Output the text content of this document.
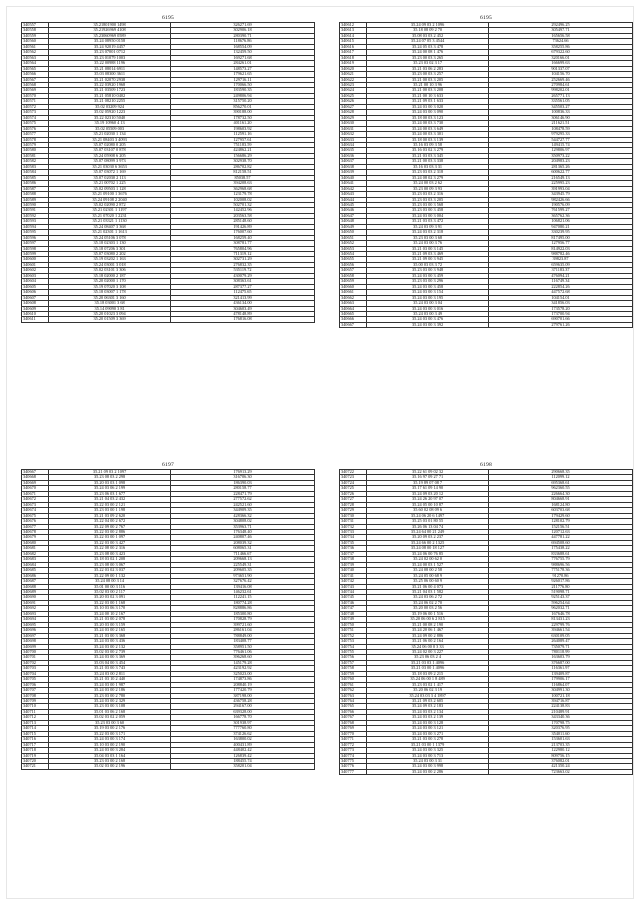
6195
340557	35.21801900 1498	326271.69
340558	35.21926969 4108	302906.18
340559	35.23060969 0589	280390.71
340560	35.24 08950 0158	118676.86
340561	35.24 92019 4457	168554.09
340562	35.23 07001 0712	132459.50
340563	35.23 01079 1003	169271.68
340564	35.22 00988 1196	284261.01
340565	35.21 08014 6911	148573.27
340566	35.03 08300 3611	179621.65
340567	35.21 02070 2938	129716.11
340568	35.22 03920 1968	170066.50
340569	35.21 03509 1723	183590.35
340570	35.21 05810 0402	249806.94
340571	35.21 08210 2255	315750.20
340572	35.02 03209 924	856270.01
340573	35.02 05920 1223	390188.00
340574	35.22 02310 5040	178732.50
340575	35.19 10960 4 13	401161.20
340576	35.02 05509 003	198603.92
340577	35.21 02030 1 134	112591.16
340578	35.21 08403 3 4093	127957.61
340579	35.07 02080 0 205	751183.59
340580	35.07 03107 0 878	424862.21
340581	35.24 05908 6 205	156686.29
340582	35.07 08099 3 973	302938.70
340583	35.21 03030 6 3653	286702.82
340584	35.07 03072 1 169	812158.51
340585	35.07 02030 2 113	85038.57
340586	35.21 00702 1 225	394208.63
340587	35.02 09503 1 128	362968.68
340588	35.21 09100 1 3676	123179.78
340589	35.24 09108 2 2040	102008.02
340590	35.02 02090 2 872	502701.32
340591	35.21 02301 1 1197	142452.96
340592	35.21 07020 1 2231	203563.58
340593	35.21 03321 1 1130	285148.60
340594	35.24 08407 3 368	191426.89
340595	35.21 02301 1 1613	176007.60
340596	35.24 05106 3 078	168259.40
340597	35.18 02303 1 130	308781.77
340598	35.18 07206 3 301	765804.96
340599	35.07 03080 2 202	711319.12
340600	35.19 03202 1 163	302731.29
340601	35.24 03001 3 018	276832.35
340602	35.02 03101 3 306	535119.72
340603	35.18 02000 2 187	430079.29
340604	35.20 02000 1 170	308363.61
340605	35.19 07020 3 108	287377.27
340606	35.18 03007 1 178	112475.65
340607	35.20 06301 3 160	321413.99
340608	35.18 03001 3 68	436134.00
340609	35.14 09090 3 81	304603.49
340610	35.20 01023 3 094	478148.89
340611	35.20 01509 3 369	176816.08
6195
340612	35.24 09 03 2 1096	292496.25
340613	35.18 08 09 2 70	305497.71
340614	35.08 03 03 2 452	165656.58
340615	35.24 07 05 3 4544	73624.66
340616	35.24 05 03 3 478	358255.86
340617	35.24 00 08 1 476	679322.60
340618	35.23 00 03 3 265	320166.01
340619	35.23 03 02 3 17	166699.63
340620	35.21 03 06 2 283	901337.07
340621	35.23 00 03 3 257	104156.70
340622	35.21 00 03 3 205	252669.46
340623	35.21 00 10 3 96	270984.61
340624	35.21 00 03 3 208	998202.01
340625	35.21 00 10 3 633	265771.13
340626	35.21 09 03 1 633	335561.05
340627	35.24 03 00 3 020	345503.27
340628	35.24 03 00 3 090	100836.33
340629	35.18 00 03 3 123	306146.90
340630	35.24 00 03 3 730	211621.51
340631	35.24 00 03 3 649	108478.59
340632	35.24 00 03 3 301	979295.33
340633	35.18 00 03 3 139	544727.77
340634	35.16 03 09 3 58	149415.74
340635	35.16 03 02 3 279	129806.97
340636	35.21 03 03 3 345	350973.22
340637	35.21 00 03 3 338	204983.23
340638	35.16 03 03 3 31	281365.26
340639	35.23 03 03 2 318	600622.77
340640	35.24 08 02 3 279	216549.13
340641	35.24 00 03 2 62	225995.23
340642	35.23 00 09 3 93	391993.04
340643	35.23 03 03 2 316	343945.79
340644	35.23 03 03 3 205	982426.66
340645	35.23 03 00 3 568	190576.09
340646	35.23 03 00 3 458	761599.27
340647	35.24 03 00 3 004	365762.36
340648	35.21 03 03 3 472	106821.06
340649	35.24 03 09 3 91	947080.21
340650	35.24 03 03 2 318	330239.95
340651	35.23 03 00 3 68	817495.00
340652	35.24 03 00 3 76	127956.77
340653	35.21 03 00 3 145	814922.03
340654	35.21 09 03 3 469	988782.46
340655	35.21 09 00 3 945	39823.87
340656	35.00 03 03 3 72	659635.09
340657	35.23 03 00 3 948	371183.37
340658	35.24 03 00 3 459	476094.21
340659	35.23 03 00 3 296	116749.34
340660	35.24 03 00 3 458	222854.26
340661	35.24 03 00 3 154	447572.68
340662	35.24 03 00 3 195	104154.01
340663	35.24 03 00 3 04	341856.03
340664	35.24 03 00 3 016	173578.20
340665	35.24 03 00 3 49	173700.94
340666	35.24 03 00 3 476	690701.66
340667	35.24 03 00 3 392	279761.26
6197
340667	35.21 09 03 2 1097	176913.29
340668	35.23 08 03 2 298	316706.30
340669	35.20 03 03 1 098	186390.03
340670	35.24 03 06 2 199	280158.77
340671	35.23 06 03 1 677	228471.79
340672	35.21 04 03 2 432	277572.62
340673	35.22 03 00 2 121	242521.60
340674	35.23 03 00 1 198	344909.35
340675	35.21 03 09 2 620	428366.32
340676	35.22 04 00 2 672	304808.02
340677	35.22 09 00 2 767	353963.71
340678	35.22 03 00 2 886	176348.40
340679	35.22 03 00 1 097	240807.46
340680	35.22 03 00 3 427	208039.32
340681	35.22 08 00 2 316	608065.31
340682	35.23 08 00 3 423	711466.67
340683	35.18 03 02 1 208	209668.13
340684	35.23 08 00 3 067	225549.31
340685	35.22 03 02 3 037	209605.35
340686	35.22 09 00 1 132	973651.90
340687	35.24 08 00 3 14	327676.42
340688	35.01 00 00 3 116	139416.08
340689	35.02 03 00 2 117	146232.61
340690	35.20 03 02 3 091	112241.15
340691	35.22 03 00 1 168	180774.28
340692	35.10 03 06 3 170	828886.86
340693	35.24 00 10 2 167	185300.80
340694	35.21 03 00 2 078	170828.79
340695	35.20 03 00 3 159	399721.60
340696	35.24 03 00 2 165	286161.04
340697	35.21 03 00 3 368	788849.00
340698	35.24 03 00 3 436	183408.77
340699	35.24 03 00 2 132	358951.50
340700	35.02 03 00 2 739	776461.06
340701	35.24 03 00 3 369	396268.60
340702	35.03 04 00 3 454	145179.28
340703	35.21 03 00 3 743	423192.92
340704	35.24 03 00 2 811	325023.00
340705	35.21 03 10 2 440	174873.86
340706	35.24 03 00 1 987	208840.19
340707	35.24 03 00 2 186	177420.79
340708	35.23 03 00 2 780	387198.00
340709	35.24 03 00 2 329	436758.28
340710	35.23 03 00 3 108	294167.00
340711	35.01 03 06 2 168	639328.00
340712	35.02 03 02 2 059	166778.70
340713	35.23 03 00 3 60	301938.97
340714	35.19 03 00 2 176	777760.80
340715	35.22 03 00 3 171	374126.62
340716	35.24 03 00 3 174	163800.02
340717	35.10 03 00 2 190	400431.89
340718	35.24 03 00 3 284	448402.42
340719	35.04 03 03 1 164	126839.42
340720	35.23 03 00 2 168	188455.74
340721	35.02 03 00 2 196	358201.04
6198
340722	35.22 61 09 02 32	290668.35
340723	35.16 97 09 27 71	112099.12
340724	35.19 89 07 08 7	695368.61
340725	35.17 61 09 14 90	962360.55
340726	35.24 09 03 20 12	226664.30
340727	35.24 26 20 97 07	804668.91
340728	35.24 05 00 10 87	168124.80
340729	35.60 02 08 09 6	603703.68
340730	35.24 06 20 6 1497	179429.60
340731	35.25 03 01 80 55	128102.79
340732	35.26 06 13 04 74	152156.51
340733	35.24 64 00 21 249	120712.63
340734	35.20 09 03 2 237	447781.22
340735	35.24 66 00 2 1325	694508.60
340736	35.24 08 00 18 127	175438.22
340737	35.24 06 00 76 85	833688.61
340738	35.24 02 00 62 0	776755.79
340739	35.24 00 03 1 527	988696.56
340740	35.24 08 00 2 58	775178.36
340741	35.24 05 00 68 9	91270.86
340742	35.25 06 00 60 9	926017.86
340743	35.21 06 00 4 073	211776.80
340744	35.21 04 03 1 582	519098.71
340745	35.24 03 06 2 72	925143.37
340746	35.24 06 02 2 70	596254.64
340747	35.20 00 03 2 56	962032.71
340748	35.19 06 00 1 516	167646.78
340749	35.20 06 00 6 2 815	813431.23
340750	35.21 00 08 2 190	229799.76
340751	35.24 20 06 1 467	394661.54
340752	35.24 09 00 2 886	630109.05
340753	35.21 06 00 2 164	264089.47
340754	35.24 06 00 0 3 33	735079.71
340755	35.24 02 00 3 227	780118.99
340756	35.23 06 03 2 4	163603.79
340757	35.21 03 03 1 4096	376687.00
340758	35.21 03 00 1 4096	116361.97
340759	35.18 03 09 2 215	139409.87
340760	35.24 06 00 1 8 489	179906.17
340761	35.23 03 02 1 417	116864.07
340762	35.20 06 02 3 19	304991.30
340763	35.24 03 03 3 4 1897	100721.18
340764	35.21 09 03 2 605	394716.87
340765	35.24 09 03 2 183	224138.83
340766	35.24 03 03 2 134	210489.91
340767	35.24 03 03 2 139	343340.36
340768	35.24 03 00 3 128	170798.75
340769	35.24 03 00 3 121	320376.95
340770	35.24 03 00 3 271	354011.60
340771	35.21 03 00 3 278	153601.63
340772	35.21 03 00 1 1379	213703.35
340773	35.24 03 00 3 325	122980.12
340774	35.24 03 00 3 713	809756.15
340775	35.24 03 00 3 31	376082.01
340776	35.24 03 00 3 998	421350.24
340777	35.24 03 00 2 286	723663.02
